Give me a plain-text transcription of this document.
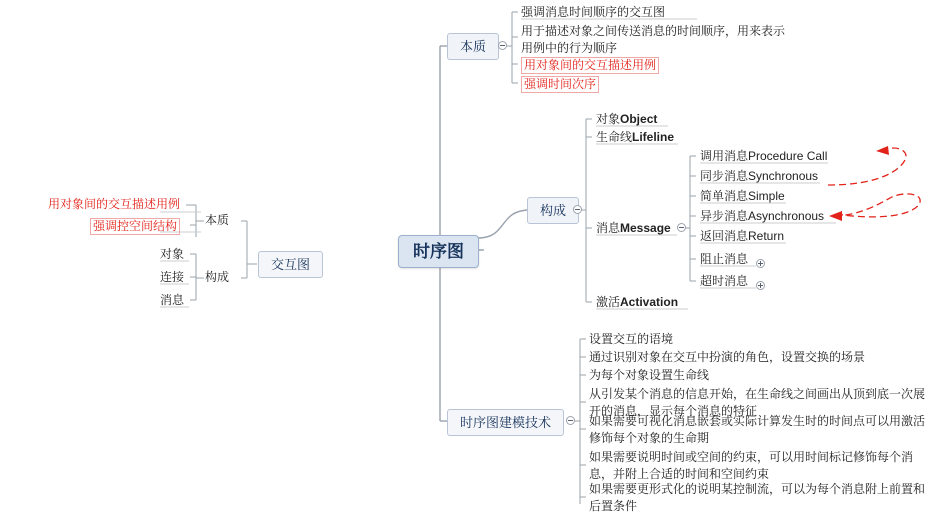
时序图
本质
强调消息时间顺序的交互图
用于描述对象之间传送消息的时间顺序，用来表示用例中的行为顺序
用对象间的交互描述用例
强调时间次序
构成
对象Object
生命线Lifeline
消息Message
激活Activation
调用消息Procedure Call
同步消息Synchronous
简单消息Simple
异步消息Asynchronous
返回消息Return
阻止消息
超时消息
时序图建模技术
设置交互的语境
通过识别对象在交互中扮演的角色，设置交换的场景
为每个对象设置生命线
从引发某个消息的信息开始，在生命线之间画出从顶到底一次展开的消息，显示每个消息的特征
如果需要可视化消息嵌套或实际计算发生时的时间点可以用激活修饰每个对象的生命期
如果需要说明时间或空间的约束，可以用时间标记修饰每个消息，并附上合适的时间和空间约束
如果需要更形式化的说明某控制流，可以为每个消息附上前置和后置条件
交互图
本质
构成
用对象间的交互描述用例
强调控空间结构
对象
连接
消息
